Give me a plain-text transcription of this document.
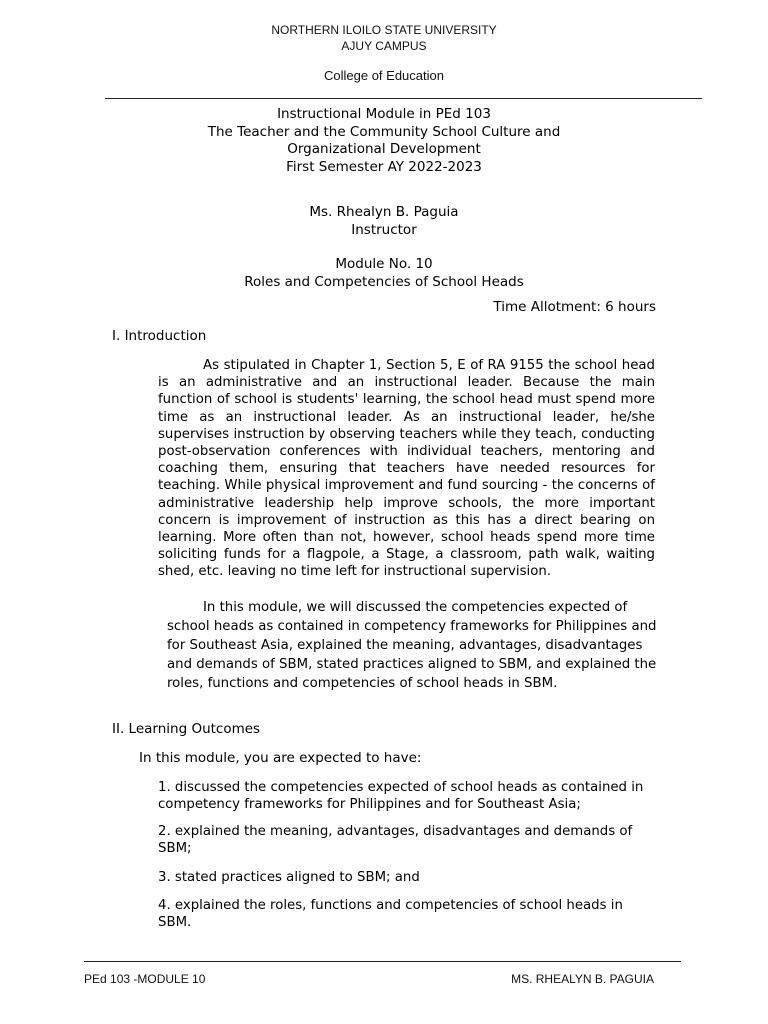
NORTHERN ILOILO STATE UNIVERSITY
AJUY CAMPUS
College of Education
Instructional Module in PEd 103
The Teacher and the Community School Culture and
Organizational Development
First Semester AY 2022-2023
Ms. Rhealyn B. Paguia
Instructor
Module No. 10
Roles and Competencies of School Heads
Time Allotment: 6 hours
I. Introduction
As stipulated in Chapter 1, Section 5, E of RA 9155 the school head is an administrative and an instructional leader. Because the main function of school is students' learning, the school head must spend more time as an instructional leader. As an instructional leader, he/she supervises instruction by observing teachers while they teach, conducting post-observation conferences with individual teachers, mentoring and coaching them, ensuring that teachers have needed resources for teaching. While physical improvement and fund sourcing - the concerns of administrative leadership help improve schools, the more important concern is improvement of instruction as this has a direct bearing on learning. More often than not, however, school heads spend more time soliciting funds for a flagpole, a Stage, a classroom, path walk, waiting shed, etc. leaving no time left for instructional supervision.
In this module, we will discussed the competencies expected of school heads as contained in competency frameworks for Philippines and for Southeast Asia, explained the meaning, advantages, disadvantages and demands of SBM, stated practices aligned to SBM, and explained the roles, functions and competencies of school heads in SBM.
II. Learning Outcomes
In this module, you are expected to have:
1. discussed the competencies expected of school heads as contained in competency frameworks for Philippines and for Southeast Asia;
2. explained the meaning, advantages, disadvantages and demands of SBM;
3. stated practices aligned to SBM; and
4. explained the roles, functions and competencies of school heads in SBM.
PEd 103 -MODULE 10	MS. RHEALYN B. PAGUIA
